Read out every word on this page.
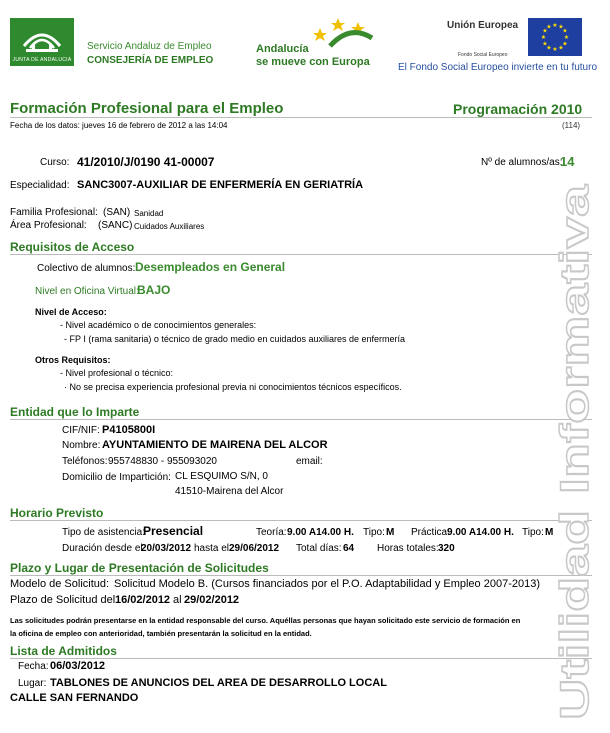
JUNTA DE ANDALUCIA
Servicio Andaluz de Empleo
CONSEJERÍA DE EMPLEO
Andalucía
se mueve con Europa
Unión Europea
Fondo Social Europeo
★ ★
★
★
★
★
★
★
★
★
★
★
El Fondo Social Europeo invierte en tu futuro
Formación Profesional para el Empleo	Programación 2010
Fecha de los datos: jueves 16 de febrero de 2012 a las 14:04	(114)
Curso: 41/2010/J/0190 41-00007	Nº de alumnos/as:
14
Especialidad: SANC3007-AUXILIAR DE ENFERMERÍA EN GERIATRÍA
Familia Profesional: (SAN) Sanidad
Área Profesional: (SANC) Cuidados Auxiliares
Requisitos de Acceso
Colectivo de alumnos: Desempleados en General
Nivel en Oficina Virtual:
BAJO
Nivel de Acceso:
- Nivel académico o de conocimientos generales:
- FP I (rama sanitaria) o técnico de grado medio en cuidados auxiliares de enfermería
Otros Requisitos:
- Nivel profesional o técnico:
· No se precisa experiencia profesional previa ni conocimientos técnicos específicos.
Entidad que lo Imparte
CIF/NIF: P4105800I
Nombre: AYUNTAMIENTO DE MAIRENA DEL ALCOR
Teléfonos: 955748830 - 955093020	email:
Domicilio de Impartición: CL ESQUIMO S/N, 0
41510-Mairena del Alcor
Horario Previsto
Tipo de asistencia:
Presencial	Teoría: 9.00 A14.00 H. Tipo: M Práctica:
9.00 A14.00 H. Tipo: M
Duración desde el
20/03/2012 hasta el 29/06/2012 Total días: 64 Horas totales: 320
Plazo y Lugar de Presentación de Solicitudes
Modelo de Solicitud: Solicitud Modelo B. (Cursos financiados por el P.O. Adaptabilidad y Empleo 2007-2013)
Plazo de Solicitud del 16/02/2012 al 29/02/2012
Las solicitudes podrán presentarse en la entidad responsable del curso. Aquéllas personas que hayan solicitado este servicio de formación en
la oficina de empleo con anterioridad, también presentarán la solicitud en la entidad.
Lista de Admitidos
Fecha: 06/03/2012
Lugar: TABLONES DE ANUNCIOS DEL AREA DE DESARROLLO LOCAL
CALLE SAN FERNANDO	Utilidad Informativa
